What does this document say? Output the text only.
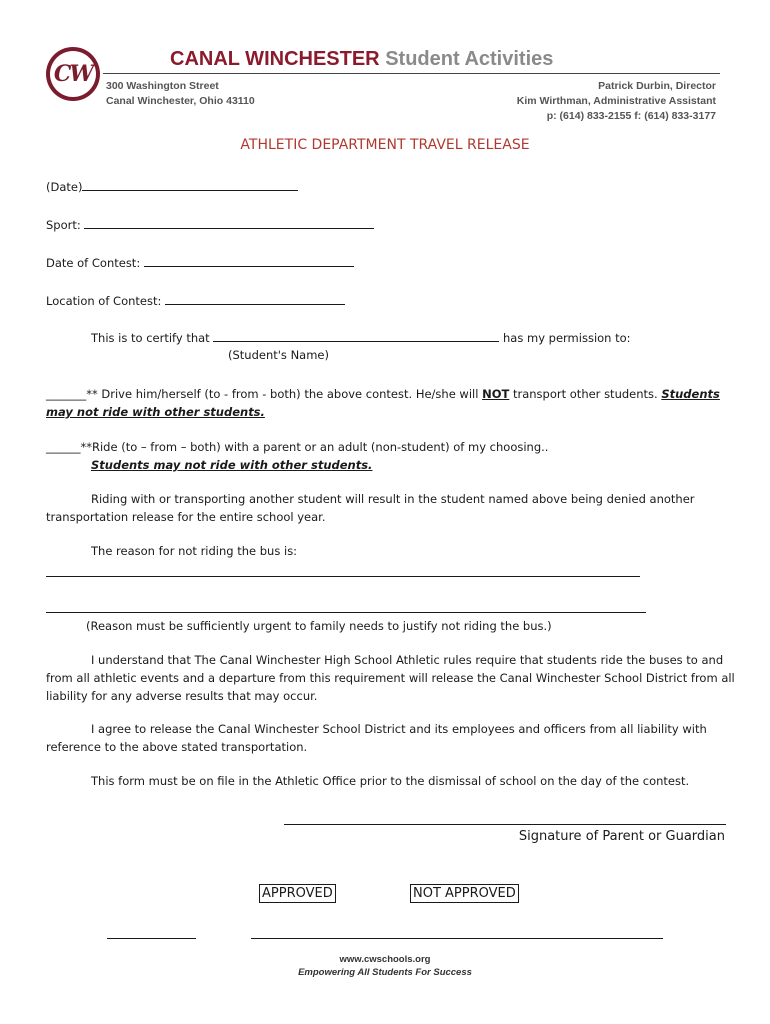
CW
CANAL WINCHESTER Student Activities
300 Washington Street
Canal Winchester, Ohio 43110
Patrick Durbin, Director
Kim Wirthman, Administrative Assistant
p: (614) 833-2155 f: (614) 833-3177
ATHLETIC DEPARTMENT TRAVEL RELEASE
(Date)
Sport:
Date of Contest:
Location of Contest:
This is to certify that	has my permission to:
(Student's Name)
_______** Drive him/herself (to - from - both) the above contest. He/she will NOT transport other students. Students
may not ride with other students.
______**Ride (to – from – both) with a parent or an adult (non-student) of my choosing..
Students may not ride with other students.
Riding with or transporting another student will result in the student named above being denied another
transportation release for the entire school year.
The reason for not riding the bus is:
(Reason must be sufficiently urgent to family needs to justify not riding the bus.)
I understand that The Canal Winchester High School Athletic rules require that students ride the buses to and
from all athletic events and a departure from this requirement will release the Canal Winchester School District from all
liability for any adverse results that may occur.
I agree to release the Canal Winchester School District and its employees and officers from all liability with
reference to the above stated transportation.
This form must be on file in the Athletic Office prior to the dismissal of school on the day of the contest.
Signature of Parent or Guardian
APPROVED	NOT APPROVED
www.cwschools.org
Empowering All Students For Success
